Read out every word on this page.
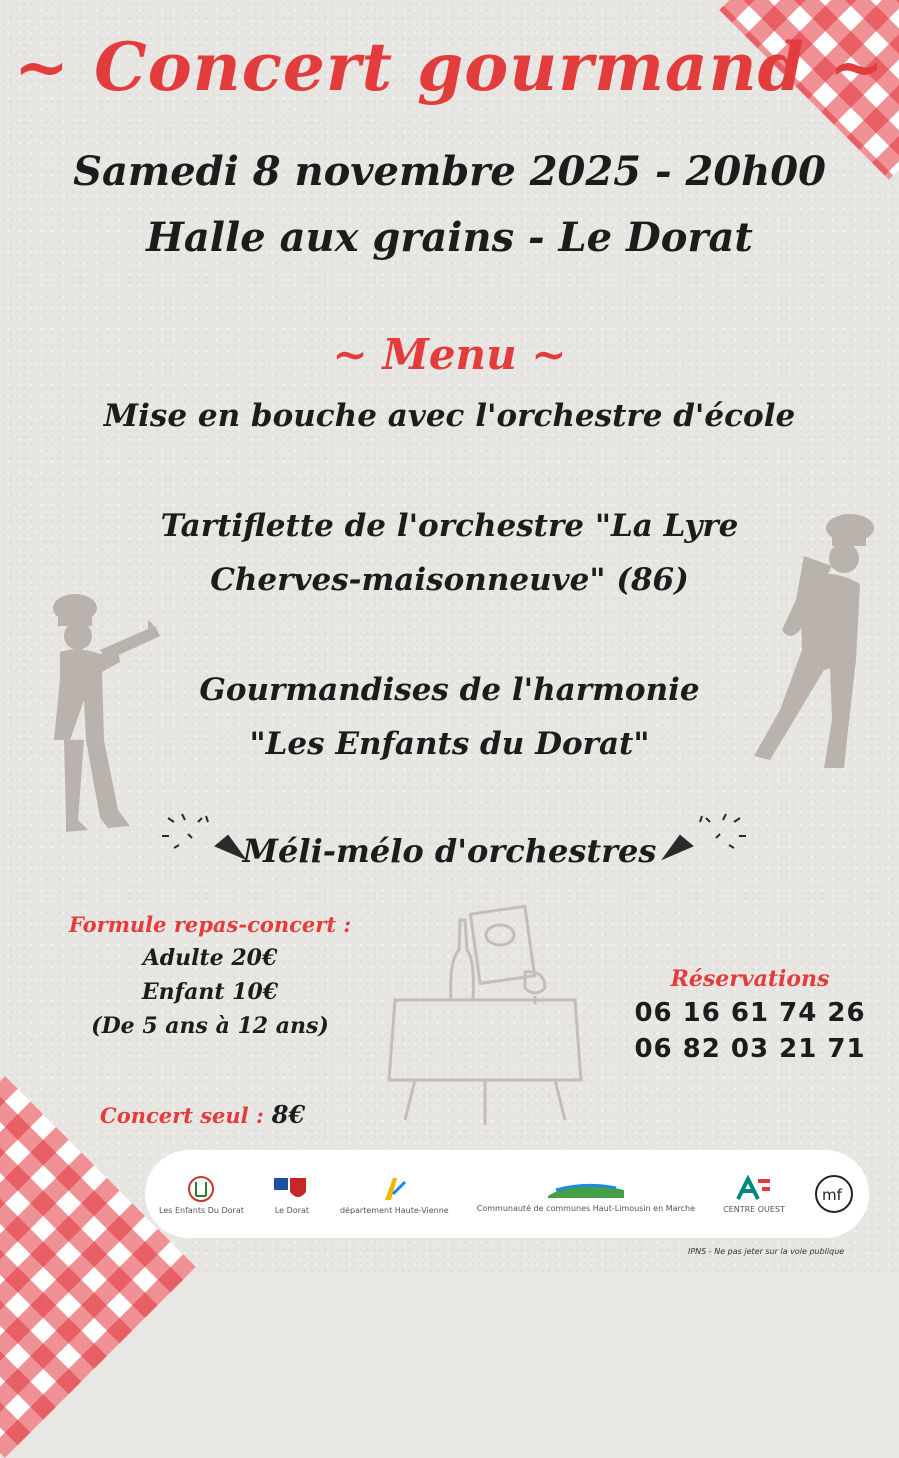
~ Concert gourmand ~
Samedi 8 novembre 2025 - 20h00
Halle aux grains - Le Dorat
~ Menu ~
Mise en bouche avec l'orchestre d'école
Tartiflette de l'orchestre "La Lyre
Cherves-maisonneuve" (86)
Gourmandises de l'harmonie
"Les Enfants du Dorat"
Méli-mélo d'orchestres
Formule repas-concert :
Adulte 20€
Enfant 10€
(De 5 ans à 12 ans)
Concert seul : 8€
Réservations
06 16 61 74 26
06 82 03 21 71
Les Enfants Du Dorat	Le Dorat	département Haute-Vienne	Communauté de communes Haut-Limousin en Marche	CENTRE OUEST
mf
IPNS - Ne pas jeter sur la voie publique
